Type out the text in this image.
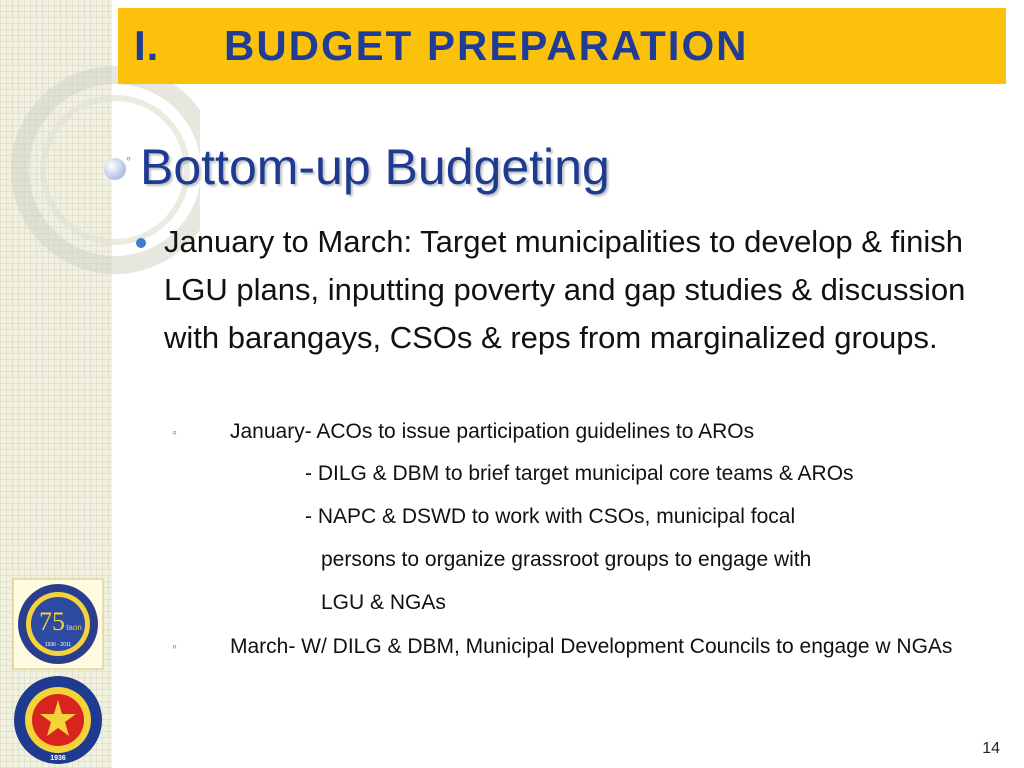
I.	BUDGET PREPARATION
◦ Bottom-up Budgeting
January to March: Target municipalities to develop & finish LGU plans, inputting poverty and gap studies & discussion with barangays, CSOs & reps from marginalized groups.
◦	January- ACOs to issue participation guidelines to AROs
- DILG & DBM to brief target municipal core teams & AROs
- NAPC & DSWD to work with CSOs, municipal focal
persons to organize grassroot groups to engage with
LGU & NGAs
◦	March- W/ DILG & DBM, Municipal Development Councils to engage w NGAs
75 taon
1936 - 2011
1936
14
